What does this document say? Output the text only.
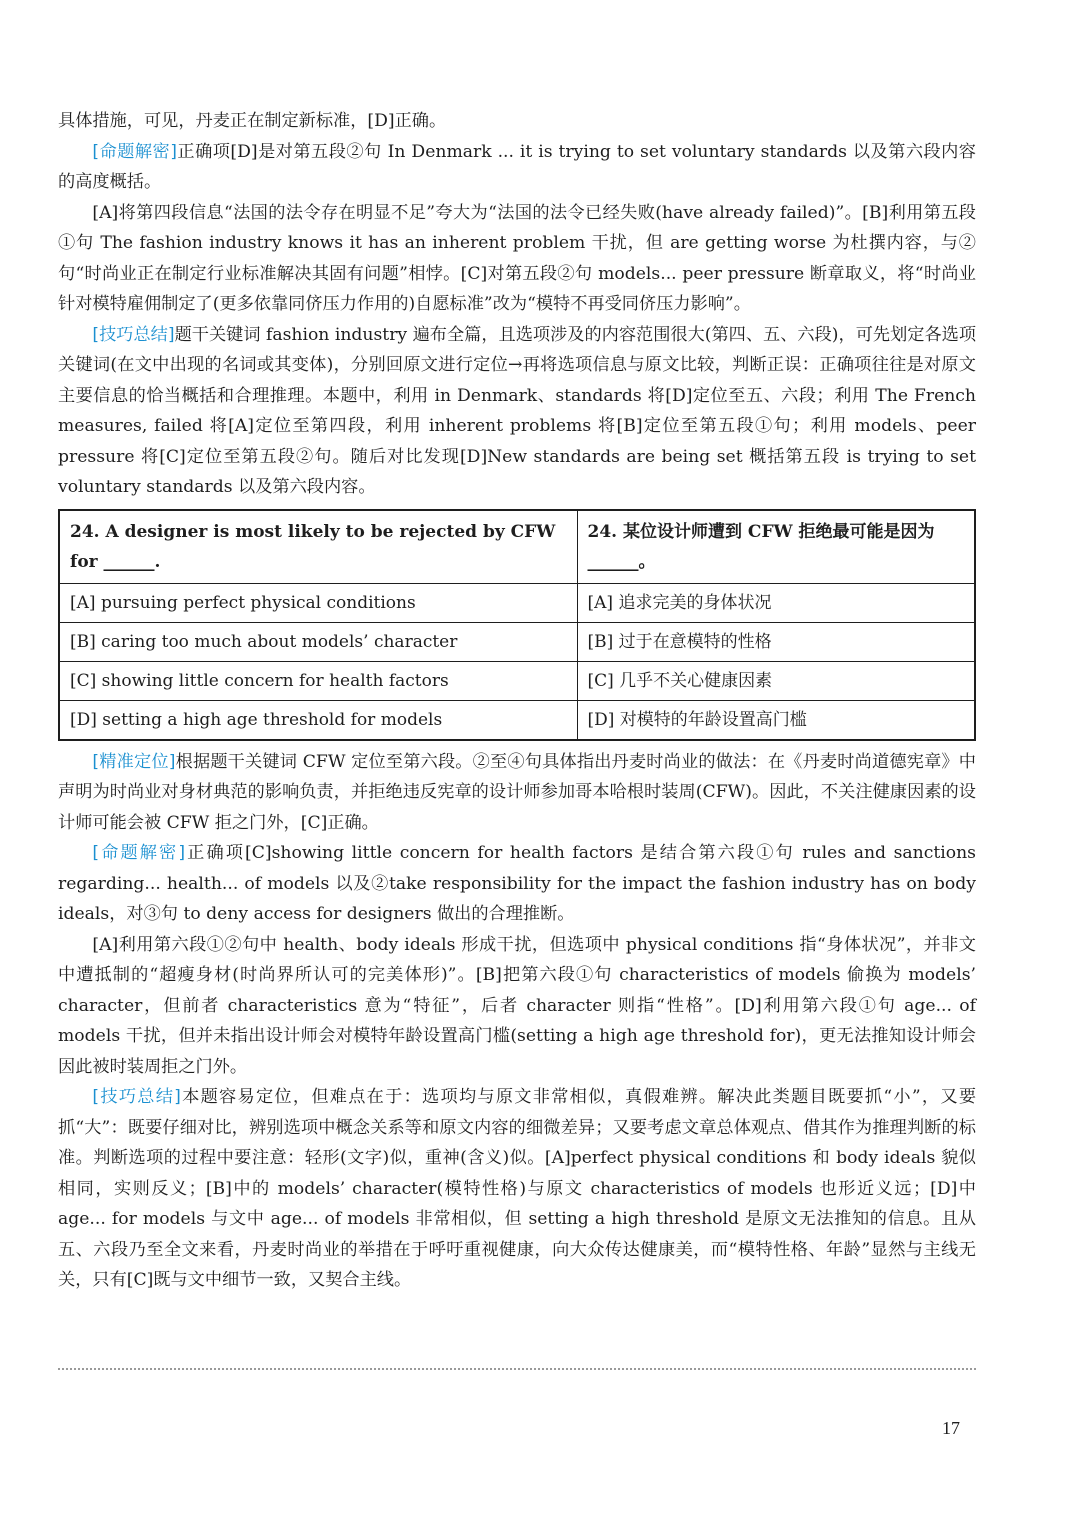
具体措施，可见，丹麦正在制定新标准，[D]正确。

[命题解密]正确项[D]是对第五段②句 In Denmark ... it is trying to set voluntary standards 以及第六段内容的高度概括。

[A]将第四段信息“法国的法令存在明显不足”夸大为“法国的法令已经失败(have already failed)”。[B]利用第五段①句 The fashion industry knows it has an inherent problem 干扰，但 are getting worse 为杜撰内容，与②句“时尚业正在制定行业标准解决其固有问题”相悖。[C]对第五段②句 models... peer pressure 断章取义，将“时尚业针对模特雇佣制定了(更多依靠同侪压力作用的)自愿标准”改为“模特不再受同侪压力影响”。

[技巧总结]题干关键词 fashion industry 遍布全篇，且选项涉及的内容范围很大(第四、五、六段)，可先划定各选项关键词(在文中出现的名词或其变体)，分别回原文进行定位→再将选项信息与原文比较，判断正误：正确项往往是对原文主要信息的恰当概括和合理推理。本题中，利用 in Denmark、standards 将[D]定位至五、六段；利用 The French measures, failed 将[A]定位至第四段，利用 inherent problems 将[B]定位至第五段①句；利用 models、peer pressure 将[C]定位至第五段②句。随后对比发现[D]New standards are being set 概括第五段 is trying to set voluntary standards 以及第六段内容。

24. A designer is most likely to be rejected by CFW for ______.	24. 某位设计师遭到 CFW 拒绝最可能是因为______。
[A] pursuing perfect physical conditions	[A] 追求完美的身体状况
[B] caring too much about models’ character	[B] 过于在意模特的性格
[C] showing little concern for health factors	[C] 几乎不关心健康因素
[D] setting a high age threshold for models	[D] 对模特的年龄设置高门槛

[精准定位]根据题干关键词 CFW 定位至第六段。②至④句具体指出丹麦时尚业的做法：在《丹麦时尚道德宪章》中声明为时尚业对身材典范的影响负责，并拒绝违反宪章的设计师参加哥本哈根时装周(CFW)。因此，不关注健康因素的设计师可能会被 CFW 拒之门外，[C]正确。

[命题解密]正确项[C]showing little concern for health factors 是结合第六段①句 rules and sanctions regarding... health... of models 以及②take responsibility for the impact the fashion industry has on body ideals，对③句 to deny access for designers 做出的合理推断。

[A]利用第六段①②句中 health、body ideals 形成干扰，但选项中 physical conditions 指“身体状况”，并非文中遭抵制的“超瘦身材(时尚界所认可的完美体形)”。[B]把第六段①句 characteristics of models 偷换为 models’ character，但前者 characteristics 意为“特征”，后者 character 则指“性格”。[D]利用第六段①句 age... of models 干扰，但并未指出设计师会对模特年龄设置高门槛(setting a high age threshold for)，更无法推知设计师会因此被时装周拒之门外。

[技巧总结]本题容易定位，但难点在于：选项均与原文非常相似，真假难辨。解决此类题目既要抓“小”，又要抓“大”：既要仔细对比，辨别选项中概念关系等和原文内容的细微差异；又要考虑文章总体观点、借其作为推理判断的标准。判断选项的过程中要注意：轻形(文字)似，重神(含义)似。[A]perfect physical conditions 和 body ideals 貌似相同，实则反义；[B]中的 models’ character(模特性格)与原文 characteristics of models 也形近义远；[D]中 age... for models 与文中 age... of models 非常相似，但 setting a high threshold 是原文无法推知的信息。且从五、六段乃至全文来看，丹麦时尚业的举措在于呼吁重视健康，向大众传达健康美，而“模特性格、年龄”显然与主线无关，只有[C]既与文中细节一致，又契合主线。

17
